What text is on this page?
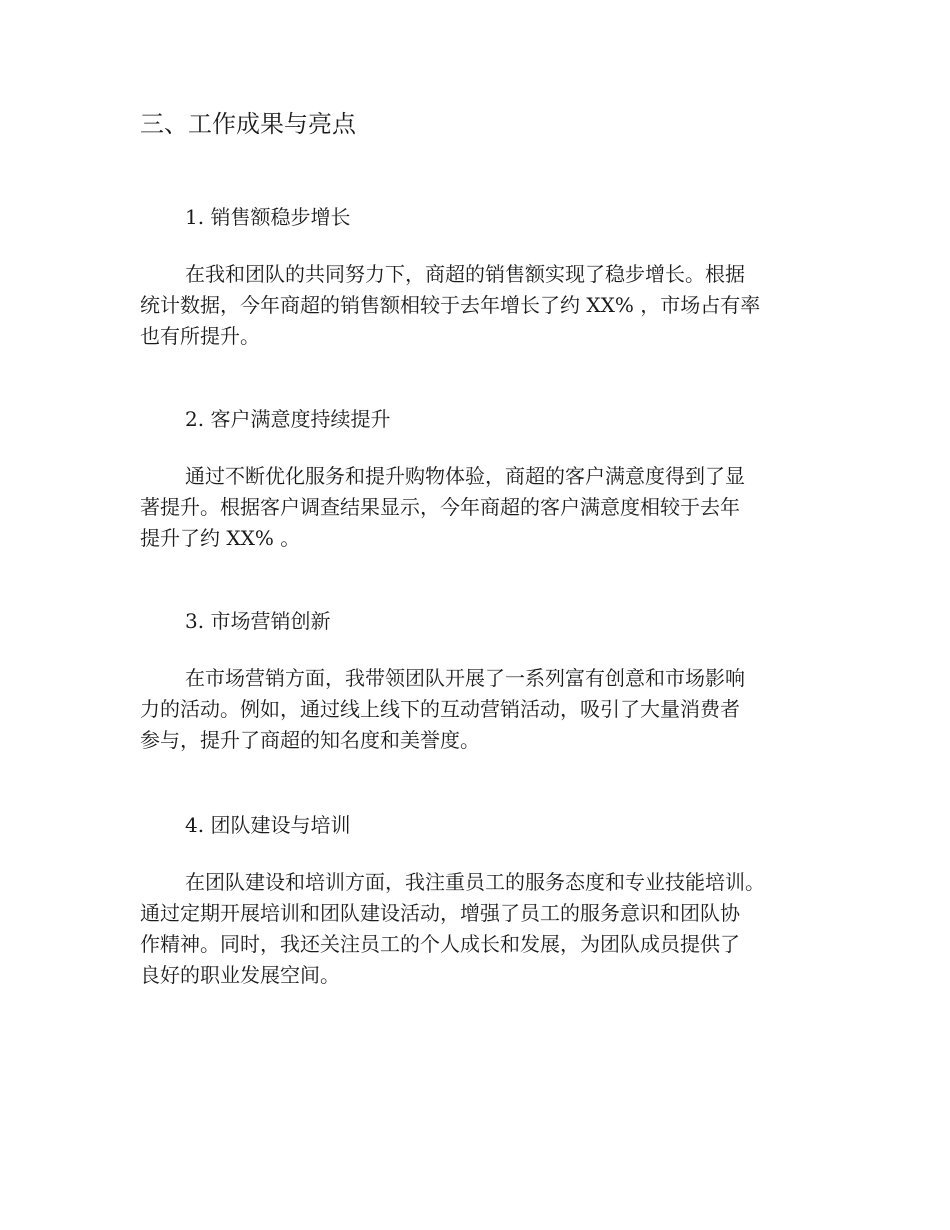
三、工作成果与亮点
1. 销售额稳步增长

在我和团队的共同努力下，商超的销售额实现了稳步增长。根据
统计数据，今年商超的销售额相较于去年增长了约 XX% ，市场占有率
也有所提升。

2. 客户满意度持续提升

通过不断优化服务和提升购物体验，商超的客户满意度得到了显
著提升。根据客户调查结果显示，今年商超的客户满意度相较于去年
提升了约 XX% 。

3. 市场营销创新

在市场营销方面，我带领团队开展了一系列富有创意和市场影响
力的活动。例如，通过线上线下的互动营销活动，吸引了大量消费者
参与，提升了商超的知名度和美誉度。

4. 团队建设与培训

在团队建设和培训方面，我注重员工的服务态度和专业技能培训。
通过定期开展培训和团队建设活动，增强了员工的服务意识和团队协
作精神。同时，我还关注员工的个人成长和发展，为团队成员提供了
良好的职业发展空间。
